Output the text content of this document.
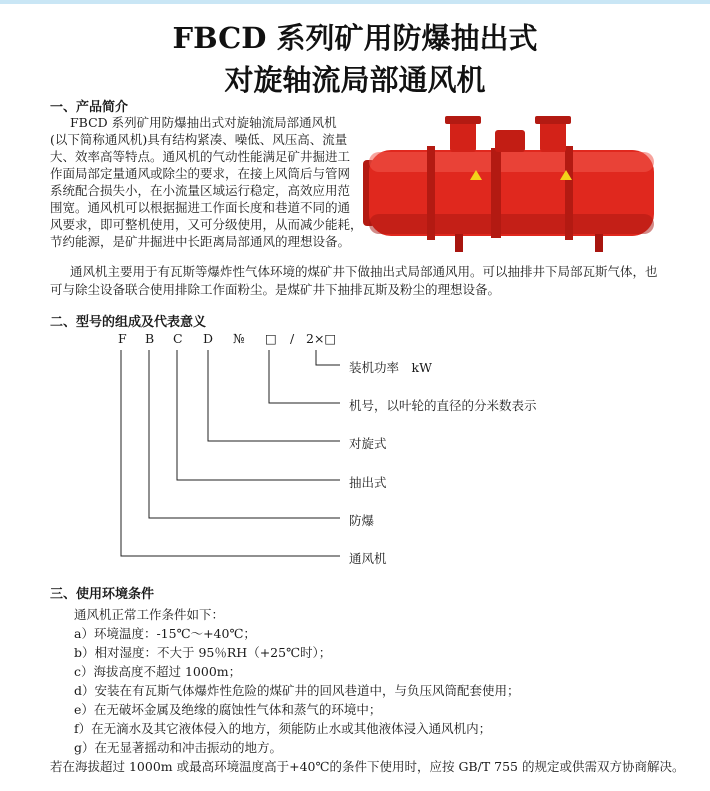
FBCD 系列矿用防爆抽出式
对旋轴流局部通风机
一、产品简介
FBCD 系列矿用防爆抽出式对旋轴流局部通风机
(以下简称通风机)具有结构紧凑、噪低、风压高、流量
大、效率高等特点。通风机的气动性能满足矿井掘进工
作面局部定量通风或除尘的要求，在接上风筒后与管网
系统配合损失小，在小流量区域运行稳定，高效应用范
围宽。通风机可以根据掘进工作面长度和巷道不同的通
风要求，即可整机使用，又可分级使用，从而减少能耗，
节约能源，是矿井掘进中长距离局部通风的理想设备。
通风机主要用于有瓦斯等爆炸性气体环境的煤矿井下做抽出式局部通风用。可以抽排井下局部瓦斯气体，也
可与除尘设备联合使用排除工作面粉尘。是煤矿井下抽排瓦斯及粉尘的理想设备。
二、型号的组成及代表意义
F B C D № □ / 2×□
装机功率　kW
机号，以叶轮的直径的分米数表示
对旋式
抽出式
防爆
通风机
三、使用环境条件
通风机正常工作条件如下：
a）环境温度：-15℃～+40℃；
b）相对湿度：不大于 95％RH（+25℃时）；
c）海拔高度不超过 1000m；
d）安装在有瓦斯气体爆炸性危险的煤矿井的回风巷道中，与负压风筒配套使用；
e）在无破坏金属及绝缘的腐蚀性气体和蒸气的环境中；
f）在无滴水及其它液体侵入的地方，须能防止水或其他液体浸入通风机内；
g）在无显著摇动和冲击振动的地方。
若在海拔超过 1000m 或最高环境温度高于+40℃的条件下使用时，应按 GB/T 755 的规定或供需双方协商解决。
